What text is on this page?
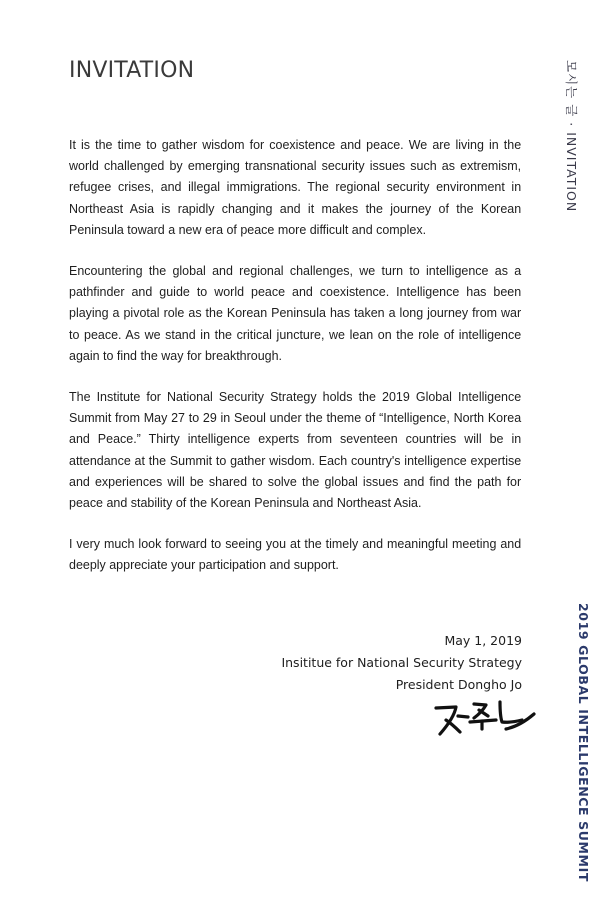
INVITATION	모시는 글 · INVITATION

It is the time to gather wisdom for coexistence and peace. We are living in the world challenged by emerging transnational security issues such as extremism, refugee crises, and illegal immigrations. The regional security environment in Northeast Asia is rapidly changing and it makes the journey of the Korean Peninsula toward a new era of peace more difficult and complex.

Encountering the global and regional challenges, we turn to intelligence as a pathfinder and guide to world peace and coexistence. Intelligence has been playing a pivotal role as the Korean Peninsula has taken a long journey from war to peace. As we stand in the critical juncture, we lean on the role of intelligence again to find the way for breakthrough.

The Institute for National Security Strategy holds the 2019 Global Intelligence Summit from May 27 to 29 in Seoul under the theme of “Intelligence, North Korea and Peace.” Thirty intelligence experts from seventeen countries will be in attendance at the Summit to gather wisdom. Each country's intelligence expertise and experiences will be shared to solve the global issues and find the path for peace and stability of the Korean Peninsula and Northeast Asia.

I very much look forward to seeing you at the timely and meaningful meeting and deeply appreciate your participation and support.

May 1, 2019
Insititue for National Security Strategy
President Dongho Jo	2019 GLOBAL INTELLIGENCE SUMMIT
